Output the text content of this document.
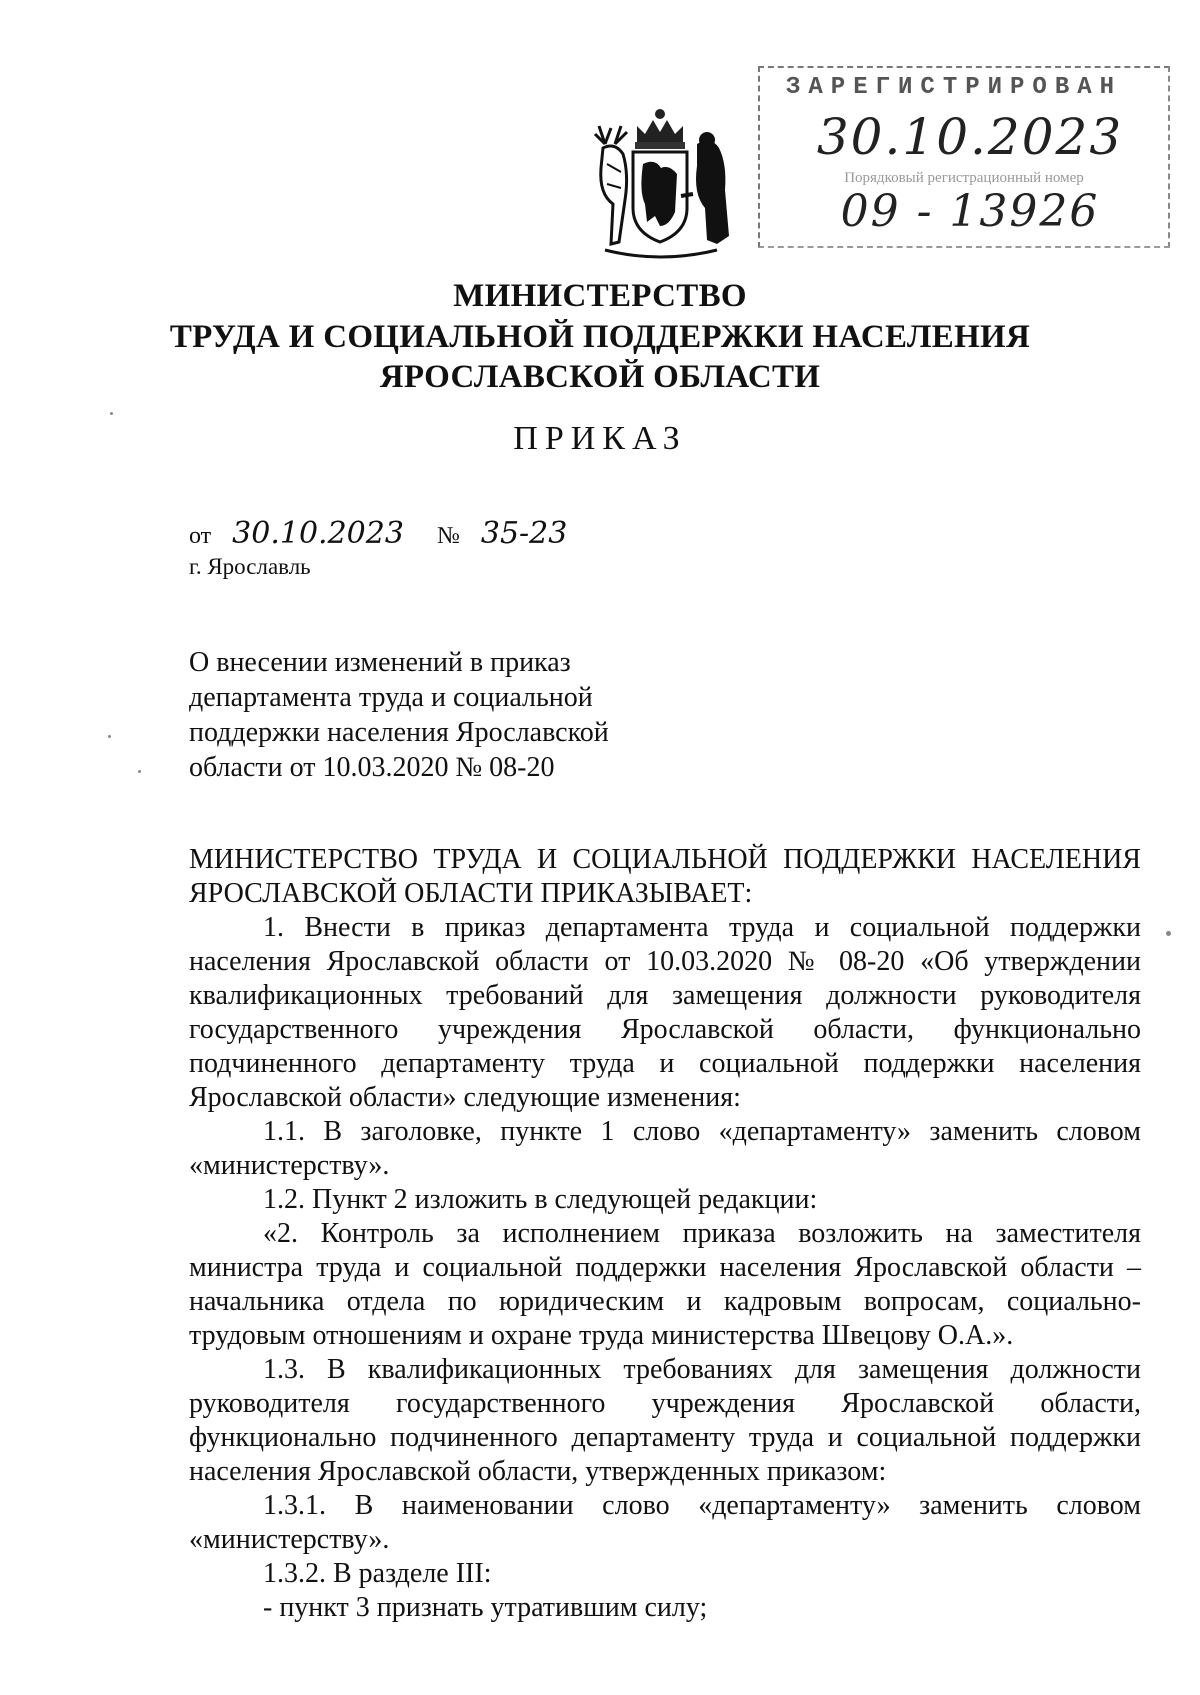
ЗАРЕГИСТРИРОВАН
30.10.2023
Порядковый регистрационный номер
09 - 13926
МИНИСТЕРСТВО
ТРУДА И СОЦИАЛЬНОЙ ПОДДЕРЖКИ НАСЕЛЕНИЯ
ЯРОСЛАВСКОЙ ОБЛАСТИ
ПРИКАЗ
от 30.10.2023 № 35-23
г. Ярославль
О внесении изменений в приказ
департамента труда и социальной
поддержки населения Ярославской
области от 10.03.2020 № 08-20

МИНИСТЕРСТВО ТРУДА И СОЦИАЛЬНОЙ ПОДДЕРЖКИ НАСЕЛЕНИЯ ЯРОСЛАВСКОЙ ОБЛАСТИ ПРИКАЗЫВАЕТ:

1. Внести в приказ департамента труда и социальной поддержки населения Ярославской области от 10.03.2020 № 08-20 «Об утверждении квалификационных требований для замещения должности руководителя государственного учреждения Ярославской области, функционально подчиненного департаменту труда и социальной поддержки населения Ярославской области» следующие изменения:

1.1. В заголовке, пункте 1 слово «департаменту» заменить словом «министерству».

1.2. Пункт 2 изложить в следующей редакции:

«2. Контроль за исполнением приказа возложить на заместителя министра труда и социальной поддержки населения Ярославской области – начальника отдела по юридическим и кадровым вопросам, социально-трудовым отношениям и охране труда министерства Швецову О.А.».

1.3. В квалификационных требованиях для замещения должности руководителя государственного учреждения Ярославской области, функционально подчиненного департаменту труда и социальной поддержки населения Ярославской области, утвержденных приказом:

1.3.1. В наименовании слово «департаменту» заменить словом «министерству».

1.3.2. В разделе III:

- пункт 3 признать утратившим силу;
